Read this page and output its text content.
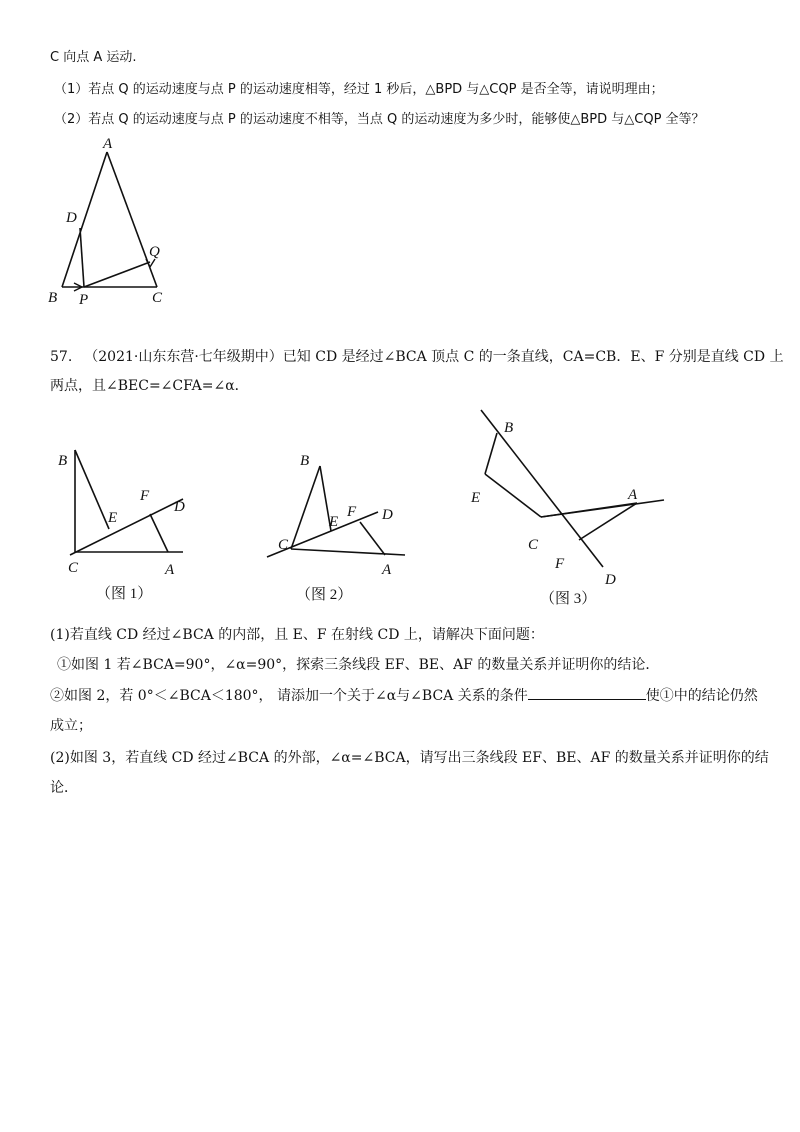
C 向点 A 运动.
（1）若点 Q 的运动速度与点 P 的运动速度相等，经过 1 秒后，△BPD 与△CQP 是否全等，请说明理由；
（2）若点 Q 的运动速度与点 P 的运动速度不相等，当点 Q 的运动速度为多少时，能够使△BPD 与△CQP 全等？
A
D
Q
B P	C
57. （2021·山东东营·七年级期中）已知 CD 是经过∠BCA 顶点 C 的一条直线，CA=CB．E、F 分别是直线 CD 上
两点，且∠BEC=∠CFA=∠α．
B
E
F
D
C	A
（图 1）
B
E
F D
C
A
（图 2）
B
E	A
C
F
D
（图 3）
(1)若直线 CD 经过∠BCA 的内部，且 E、F 在射线 CD 上，请解决下面问题：
①如图 1 若∠BCA=90°，∠α=90°，探索三条线段 EF、BE、AF 的数量关系并证明你的结论．
②如图 2，若 0°＜∠BCA＜180°， 请添加一个关于∠α与∠BCA 关系的条件	使①中的结论仍然
成立；
(2)如图 3，若直线 CD 经过∠BCA 的外部，∠α=∠BCA，请写出三条线段 EF、BE、AF 的数量关系并证明你的结
论．
